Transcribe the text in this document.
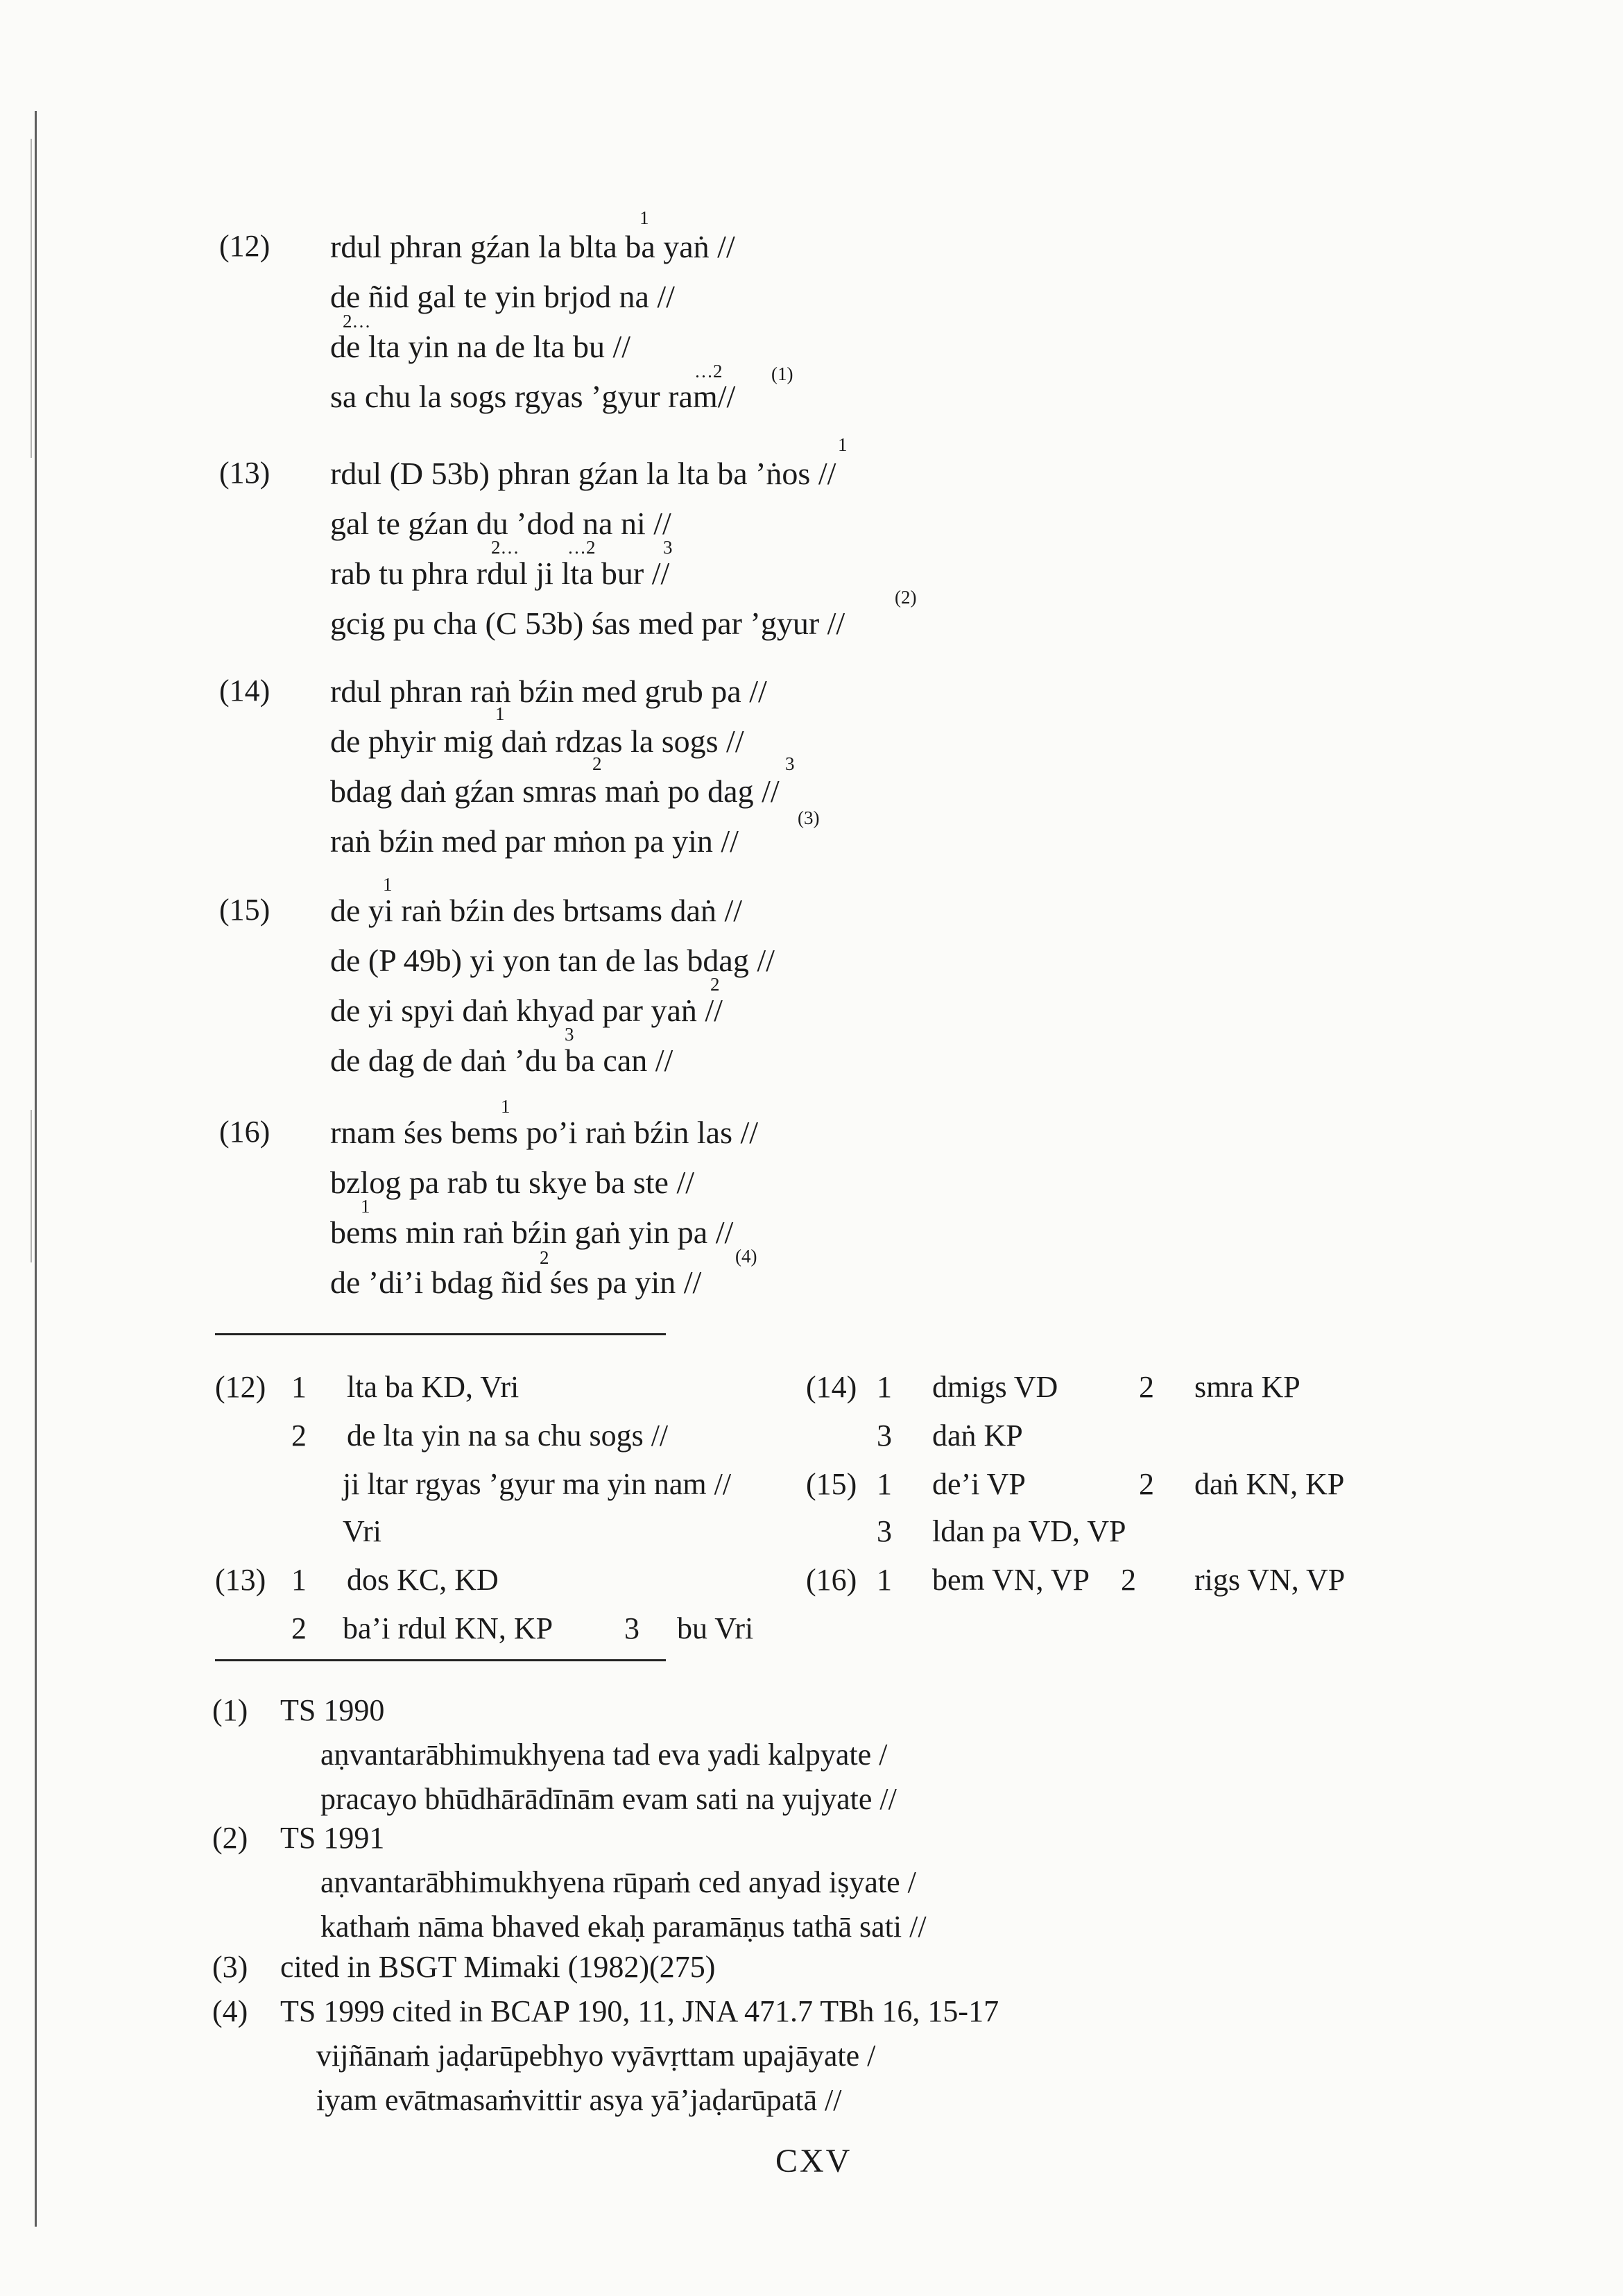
(12) rdul phran gźan la blta ba yaṅ //
de ñid gal te yin brjod na //
de lta yin na de lta bu //
sa chu la sogs rgyas ’gyur ram//
1
2…
…2	(1)
(13) rdul (D 53b) phran gźan la lta ba ’ṅos //
gal te gźan du ’dod na ni //
rab tu phra rdul ji lta bur //
gcig pu cha (C 53b) śas med par ’gyur //
1
2…	…2	3
(2)
(14) rdul phran raṅ bźin med grub pa //
de phyir mig daṅ rdzas la sogs //
bdag daṅ gźan smras maṅ po dag //
raṅ bźin med par mṅon pa yin //
1
2	3
(3)
(15) de yi raṅ bźin des brtsams daṅ //
de (P 49b) yi yon tan de las bdag //
de yi spyi daṅ khyad par yaṅ //
de dag de daṅ ’du ba can //
1
2
3
(16) rnam śes bems po’i raṅ bźin las //
bzlog pa rab tu skye ba ste //
bems min raṅ bźin gaṅ yin pa //
de ’di’i bdag ñid śes pa yin //
1
1
2	(4)
(12) 1 lta ba KD, Vri
2 de lta yin na sa chu sogs //
ji ltar rgyas ’gyur ma yin nam //
Vri
(13) 1 dos KC, KD
2 ba’i rdul KN, KP 3 bu Vri
(14) 1 dmigs VD	2 smra KP
3 daṅ KP
(15) 1 de’i VP	2 daṅ KN, KP
3 ldan pa VD, VP
(16) 1 bem VN, VP 2 rigs VN, VP
(1) TS 1990
aṇvantarābhimukhyena tad eva yadi kalpyate /
pracayo bhūdhārādīnām evam sati na yujyate //
(2) TS 1991
aṇvantarābhimukhyena rūpaṁ ced anyad iṣyate /
kathaṁ nāma bhaved ekaḥ paramāṇus tathā sati //
(3) cited in BSGT Mimaki (1982)(275)
(4) TS 1999 cited in BCAP 190, 11, JNA 471.7 TBh 16, 15-17
vijñānaṁ jaḍarūpebhyo vyāvṛttam upajāyate /
iyam evātmasaṁvittir asya yā’jaḍarūpatā //
CXV
